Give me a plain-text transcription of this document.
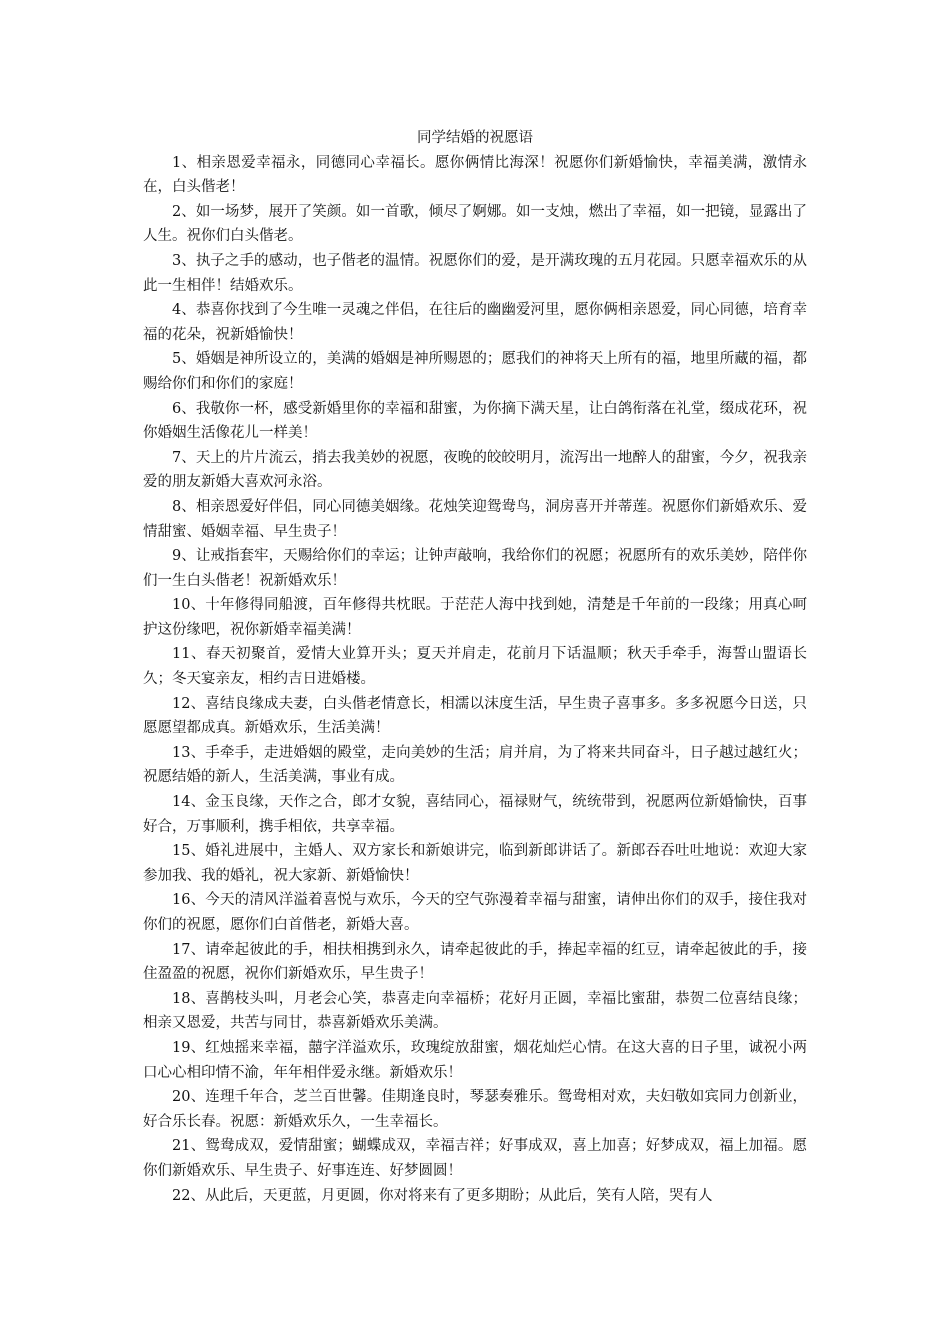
同学结婚的祝愿语

1、相亲恩爱幸福永，同德同心幸福长。愿你俩情比海深！祝愿你们新婚愉快，幸福美满，激情永在，白头偕老！

2、如一场梦，展开了笑颜。如一首歌，倾尽了婀娜。如一支烛，燃出了幸福，如一把镜，显露出了人生。祝你们白头偕老。

3、执子之手的感动，也子偕老的温情。祝愿你们的爱，是开满玫瑰的五月花园。只愿幸福欢乐的从此一生相伴！结婚欢乐。

4、恭喜你找到了今生唯一灵魂之伴侣，在往后的幽幽爱河里，愿你俩相亲恩爱，同心同德，培育幸福的花朵，祝新婚愉快！

5、婚姻是神所设立的，美满的婚姻是神所赐恩的；愿我们的神将天上所有的福，地里所藏的福，都赐给你们和你们的家庭！

6、我敬你一杯，感受新婚里你的幸福和甜蜜，为你摘下满天星，让白鸽衔落在礼堂，缀成花环，祝你婚姻生活像花儿一样美！

7、天上的片片流云，捎去我美妙的祝愿，夜晚的皎皎明月，流泻出一地醉人的甜蜜，今夕，祝我亲爱的朋友新婚大喜欢河永浴。

8、相亲恩爱好伴侣，同心同德美姻缘。花烛笑迎鸳鸯鸟，洞房喜开并蒂莲。祝愿你们新婚欢乐、爱情甜蜜、婚姻幸福、早生贵子！

9、让戒指套牢，天赐给你们的幸运；让钟声敲响，我给你们的祝愿；祝愿所有的欢乐美妙，陪伴你们一生白头偕老！祝新婚欢乐！

10、十年修得同船渡，百年修得共枕眠。于茫茫人海中找到她，清楚是千年前的一段缘；用真心呵护这份缘吧，祝你新婚幸福美满！

11、春天初聚首，爱情大业算开头；夏天并肩走，花前月下话温顺；秋天手牵手，海誓山盟语长久；冬天宴亲友，相约吉日进婚楼。

12、喜结良缘成夫妻，白头偕老情意长，相濡以沫度生活，早生贵子喜事多。多多祝愿今日送，只愿愿望都成真。新婚欢乐，生活美满！

13、手牵手，走进婚姻的殿堂，走向美妙的生活；肩并肩，为了将来共同奋斗，日子越过越红火；祝愿结婚的新人，生活美满，事业有成。

14、金玉良缘，天作之合，郎才女貌，喜结同心，福禄财气，统统带到，祝愿两位新婚愉快，百事好合，万事顺利，携手相依，共享幸福。

15、婚礼进展中，主婚人、双方家长和新娘讲完，临到新郎讲话了。新郎吞吞吐吐地说：欢迎大家参加我、我的婚礼，祝大家新、新婚愉快！

16、今天的清风洋溢着喜悦与欢乐，今天的空气弥漫着幸福与甜蜜，请伸出你们的双手，接住我对你们的祝愿，愿你们白首偕老，新婚大喜。

17、请牵起彼此的手，相扶相携到永久，请牵起彼此的手，捧起幸福的红豆，请牵起彼此的手，接住盈盈的祝愿，祝你们新婚欢乐，早生贵子！

18、喜鹊枝头叫，月老会心笑，恭喜走向幸福桥；花好月正圆，幸福比蜜甜，恭贺二位喜结良缘；相亲又恩爱，共苦与同甘，恭喜新婚欢乐美满。

19、红烛摇来幸福，囍字洋溢欢乐，玫瑰绽放甜蜜，烟花灿烂心情。在这大喜的日子里，诚祝小两口心心相印情不渝，年年相伴爱永继。新婚欢乐！

20、连理千年合，芝兰百世馨。佳期逢良时，琴瑟奏雅乐。鸳鸯相对欢，夫妇敬如宾同力创新业，好合乐长春。祝愿：新婚欢乐久，一生幸福长。

21、鸳鸯成双，爱情甜蜜；蝴蝶成双，幸福吉祥；好事成双，喜上加喜；好梦成双，福上加福。愿你们新婚欢乐、早生贵子、好事连连、好梦圆圆！

22、从此后，天更蓝，月更圆，你对将来有了更多期盼；从此后，笑有人陪，哭有人
